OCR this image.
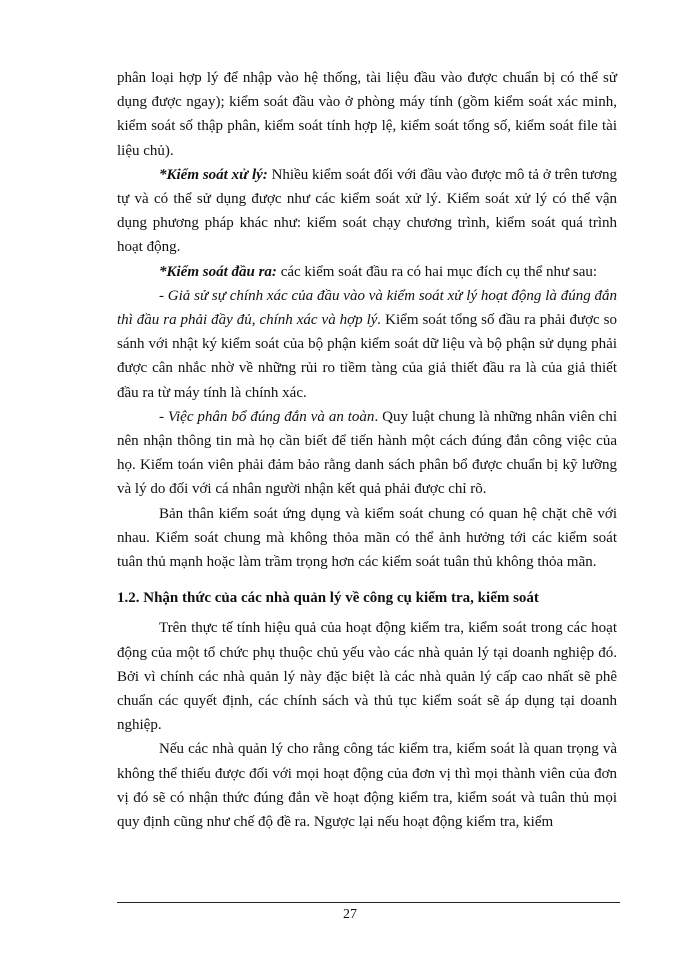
phân loại hợp lý để nhập vào hệ thống, tài liệu đầu vào được chuẩn bị có thể sử dụng được ngay); kiểm soát đầu vào ở phòng máy tính (gồm kiểm soát xác minh, kiểm soát số thập phân, kiểm soát tính hợp lệ, kiểm soát tổng số, kiểm soát file tài liệu chủ).

*Kiểm soát xử lý: Nhiều kiểm soát đối với đầu vào được mô tả ở trên tương tự và có thể sử dụng được như các kiểm soát xử lý. Kiểm soát xử lý có thể vận dụng phương pháp khác như: kiểm soát chạy chương trình, kiểm soát quá trình hoạt động.

*Kiểm soát đầu ra: các kiểm soát đầu ra có hai mục đích cụ thể như sau:

- Giả sử sự chính xác của đầu vào và kiểm soát xử lý hoạt động là đúng đắn thì đầu ra phải đầy đủ, chính xác và hợp lý. Kiểm soát tổng số đầu ra phải được so sánh với nhật ký kiểm soát của bộ phận kiểm soát dữ liệu và bộ phận sử dụng phải được cân nhắc nhờ về những rủi ro tiềm tàng của giả thiết đầu ra là của giả thiết đầu ra từ máy tính là chính xác.

- Việc phân bổ đúng đắn và an toàn. Quy luật chung là những nhân viên chỉ nên nhận thông tin mà họ cần biết để tiến hành một cách đúng đắn công việc của họ. Kiểm toán viên phải đảm bảo rằng danh sách phân bổ được chuẩn bị kỹ lưỡng và lý do đối với cá nhân người nhận kết quả phải được chỉ rõ.

Bản thân kiểm soát ứng dụng và kiểm soát chung có quan hệ chặt chẽ với nhau. Kiểm soát chung mà không thỏa mãn có thể ảnh hưởng tới các kiểm soát tuân thủ mạnh hoặc làm trầm trọng hơn các kiểm soát tuân thủ không thỏa mãn.

1.2. Nhận thức của các nhà quản lý về công cụ kiểm tra, kiểm soát

Trên thực tế tính hiệu quả của hoạt động kiểm tra, kiểm soát trong các hoạt động của một tổ chức phụ thuộc chủ yếu vào các nhà quản lý tại doanh nghiệp đó. Bởi vì chính các nhà quản lý này đặc biệt là các nhà quản lý cấp cao nhất sẽ phê chuẩn các quyết định, các chính sách và thủ tục kiểm soát sẽ áp dụng tại doanh nghiệp.

Nếu các nhà quản lý cho rằng công tác kiểm tra, kiểm soát là quan trọng và không thể thiếu được đối với mọi hoạt động của đơn vị thì mọi thành viên của đơn vị đó sẽ có nhận thức đúng đắn về hoạt động kiểm tra, kiểm soát và tuân thủ mọi quy định cũng như chế độ đề ra. Ngược lại nếu hoạt động kiểm tra, kiểm

27
